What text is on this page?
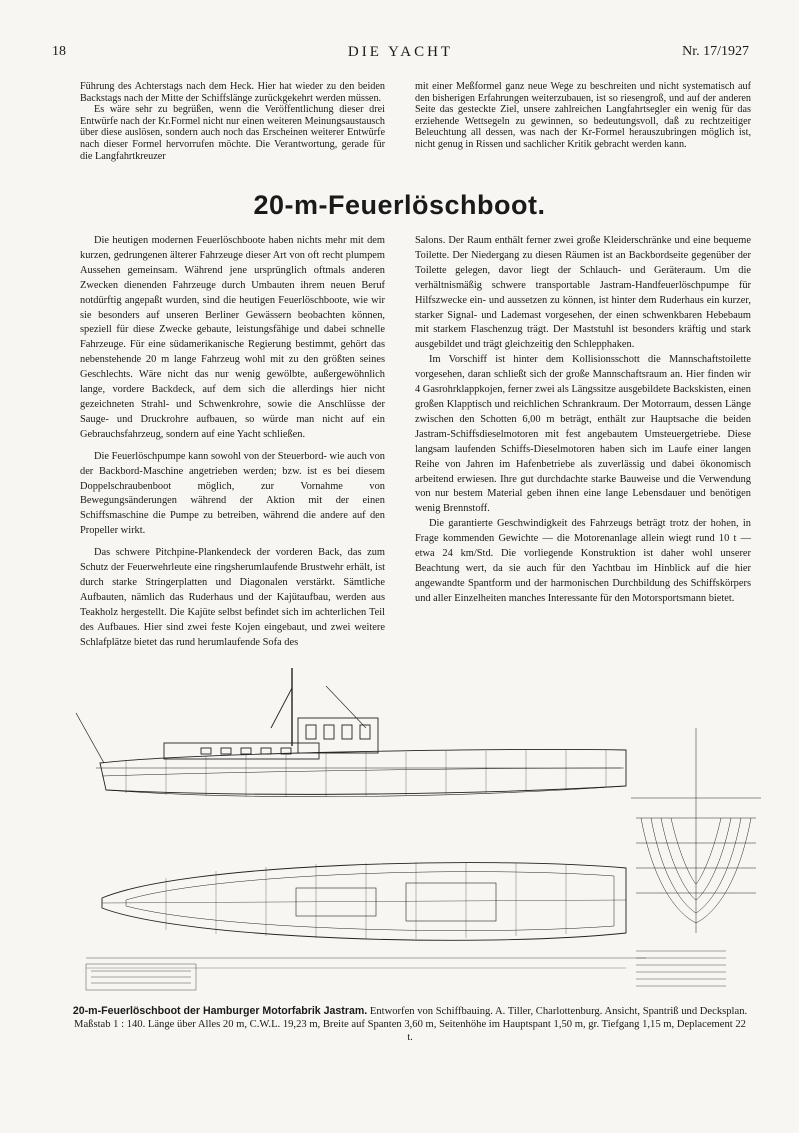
18	DIE YACHT	Nr. 17/1927

Führung des Achterstags nach dem Heck. Hier hat wieder zu den beiden Backstags nach der Mitte der Schiffslänge zurückgekehrt werden müssen.

Es wäre sehr zu begrüßen, wenn die Veröffentlichung dieser drei Entwürfe nach der Kr.Formel nicht nur einen weiteren Meinungsaustausch über diese auslösen, sondern auch noch das Erscheinen weiterer Entwürfe nach dieser Formel hervorrufen möchte. Die Verantwortung, gerade für die Langfahrtkreuzer

mit einer Meßformel ganz neue Wege zu beschreiten und nicht systematisch auf den bisherigen Erfahrungen weiterzubauen, ist so riesengroß, und auf der anderen Seite das gesteckte Ziel, unsere zahlreichen Langfahrtsegler ein wenig für das erziehende Wettsegeln zu gewinnen, so bedeutungsvoll, daß zu rechtzeitiger Beleuchtung all dessen, was nach der Kr-Formel herauszubringen möglich ist, nicht genug in Rissen und sachlicher Kritik gebracht werden kann.

20-m-Feuerlöschboot.

Die heutigen modernen Feuerlöschboote haben nichts mehr mit dem kurzen, gedrungenen älterer Fahrzeuge dieser Art von oft recht plumpem Aussehen gemeinsam. Während jene ursprünglich oftmals anderen Zwecken dienenden Fahrzeuge durch Umbauten ihrem neuen Beruf notdürftig angepaßt wurden, sind die heutigen Feuerlöschboote, wie wir sie besonders auf unseren Berliner Gewässern beobachten können, speziell für diese Zwecke gebaute, leistungsfähige und dabei schnelle Fahrzeuge. Für eine südamerikanische Regierung bestimmt, gehört das nebenstehende 20 m lange Fahrzeug wohl mit zu den größten seines Geschlechts. Wäre nicht das nur wenig gewölbte, außergewöhnlich lange, vordere Backdeck, auf dem sich die allerdings hier nicht gezeichneten Strahl- und Schwenkrohre, sowie die Anschlüsse der Sauge- und Druckrohre aufbauen, so würde man nicht auf ein Gebrauchsfahrzeug, sondern auf eine Yacht schließen.

Die Feuerlöschpumpe kann sowohl von der Steuerbord- wie auch von der Backbord-Maschine angetrieben werden; bzw. ist es bei diesem Doppelschraubenboot möglich, zur Vornahme von Bewegungsänderungen während der Aktion mit der einen Schiffsmaschine die Pumpe zu betreiben, während die andere auf den Propeller wirkt.

Das schwere Pitchpine-Plankendeck der vorderen Back, das zum Schutz der Feuerwehrleute eine ringsherumlaufende Brustwehr erhält, ist durch starke Stringerplatten und Diagonalen verstärkt. Sämtliche Aufbauten, nämlich das Ruderhaus und der Kajütaufbau, werden aus Teakholz hergestellt. Die Kajüte selbst befindet sich im achterlichen Teil des Aufbaues. Hier sind zwei feste Kojen eingebaut, und zwei weitere Schlafplätze bietet das rund herumlaufende Sofa des

Salons. Der Raum enthält ferner zwei große Kleiderschränke und eine bequeme Toilette. Der Niedergang zu diesen Räumen ist an Backbordseite gegenüber der Toilette gelegen, davor liegt der Schlauch- und Geräteraum. Um die verhältnismäßig schwere transportable Jastram-Handfeuerlöschpumpe für Hilfszwecke ein- und aussetzen zu können, ist hinter dem Ruderhaus ein kurzer, starker Signal- und Lademast vorgesehen, der einen schwenkbaren Hebebaum mit starkem Flaschenzug trägt. Der Maststuhl ist besonders kräftig und stark ausgebildet und trägt gleichzeitig den Schlepphaken.

Im Vorschiff ist hinter dem Kollisionsschott die Mannschaftstoilette vorgesehen, daran schließt sich der große Mannschaftsraum an. Hier finden wir 4 Gasrohrklappkojen, ferner zwei als Längssitze ausgebildete Backskisten, einen großen Klapptisch und reichlichen Schrankraum. Der Motorraum, dessen Länge zwischen den Schotten 6,00 m beträgt, enthält zur Hauptsache die beiden Jastram-Schiffsdieselmotoren mit fest angebautem Umsteuergetriebe. Diese langsam laufenden Schiffs-Dieselmotoren haben sich im Laufe einer langen Reihe von Jahren im Hafenbetriebe als zuverlässig und dabei ökonomisch arbeitend erwiesen. Ihre gut durchdachte starke Bauweise und die Verwendung von nur bestem Material geben ihnen eine lange Lebensdauer und benötigen wenig Brennstoff.

Die garantierte Geschwindigkeit des Fahrzeugs beträgt trotz der hohen, in Frage kommenden Gewichte — die Motorenanlage allein wiegt rund 10 t — etwa 24 km/Std. Die vorliegende Konstruktion ist daher wohl unserer Beachtung wert, da sie auch für den Yachtbau im Hinblick auf die hier angewandte Spantform und der harmonischen Durchbildung des Schiffskörpers und aller Einzelheiten manches Interessante für den Motorsportsmann bietet.

20-m-Feuerlöschboot der Hamburger Motorfabrik Jastram. Entworfen von Schiffbauing. A. Tiller, Charlottenburg. Ansicht, Spantriß und Decksplan. Maßstab 1 : 140. Länge über Alles 20 m, C.W.L. 19,23 m, Breite auf Spanten 3,60 m, Seitenhöhe im Hauptspant 1,50 m, gr. Tiefgang 1,15 m, Deplacement 22 t.
